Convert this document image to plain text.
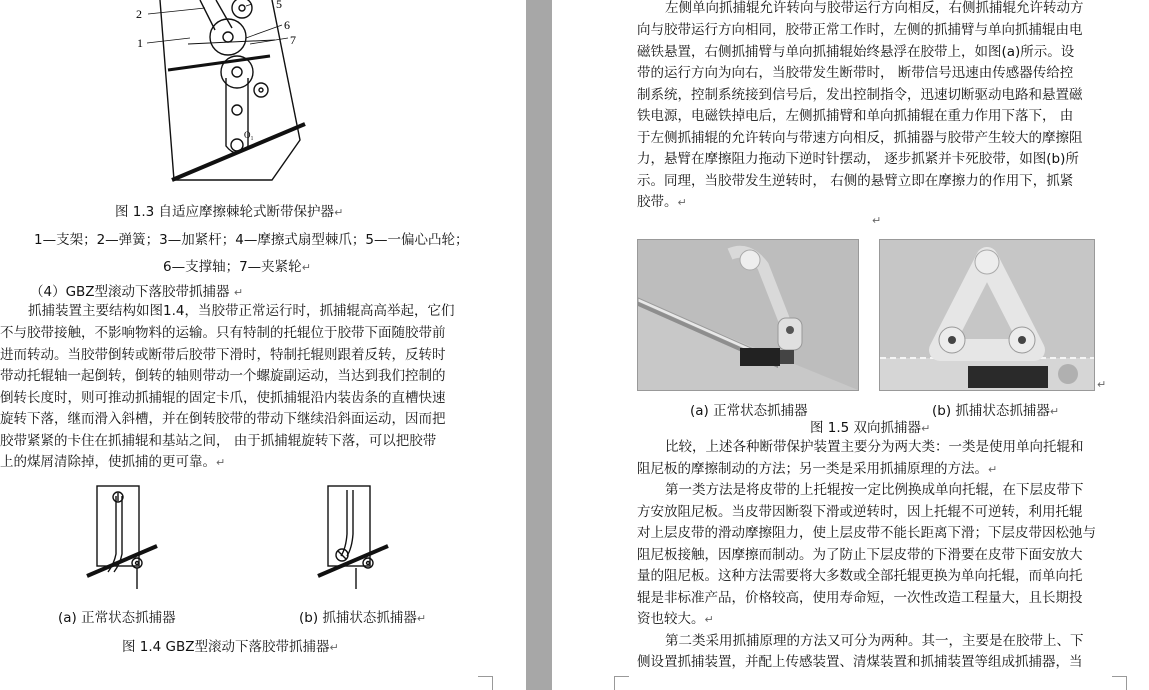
2
5
6
7
1
O₁
图 1.3 自适应摩擦棘轮式断带保护器↵
1—支架；2—弹簧；3—加紧杆；4—摩擦式扇型棘爪；5—一偏心凸轮；
6—支撑轴；7—夹紧轮↵
（4）GBZ型滚动下落胶带抓捕器 ↵
抓捕装置主要结构如图1.4，当胶带正常运行时，抓捕辊高高举起，它们
不与胶带接触，不影响物料的运输。只有特制的托辊位于胶带下面随胶带前
进而转动。当胶带倒转或断带后胶带下滑时，特制托辊则跟着反转，反转时
带动托辊轴一起倒转，倒转的轴则带动一个螺旋副运动，当达到我们控制的
倒转长度时，则可推动抓捕辊的固定卡爪，使抓捕辊沿内装齿条的直槽快速
旋转下落，继而滑入斜槽，并在倒转胶带的带动下继续沿斜面运动，因而把
胶带紧紧的卡住在抓捕辊和基站之间， 由于抓捕辊旋转下落，可以把胶带
上的煤屑清除掉，使抓捕的更可靠。↵
(a) 正常状态抓捕器	(b) 抓捕状态抓捕器↵
图 1.4 GBZ型滚动下落胶带抓捕器↵
左侧单向抓捕辊允许转向与胶带运行方向相反，右侧抓捕辊允许转动方
向与胶带运行方向相同，胶带正常工作时，左侧的抓捕臂与单向抓捕辊由电
磁铁悬置，右侧抓捕臂与单向抓捕辊始终悬浮在胶带上，如图(a)所示。设
带的运行方向为向右，当胶带发生断带时， 断带信号迅速由传感器传给控
制系统，控制系统接到信号后，发出控制指令，迅速切断驱动电路和悬置磁
铁电源，电磁铁掉电后，左侧抓捕臂和单向抓捕辊在重力作用下落下， 由
于左侧抓捕辊的允许转向与带速方向相反，抓捕器与胶带产生较大的摩擦阻
力，悬臂在摩擦阻力拖动下逆时针摆动， 逐步抓紧并卡死胶带，如图(b)所
示。同理，当胶带发生逆转时， 右侧的悬臂立即在摩擦力的作用下，抓紧
胶带。↵
↵
↵
(a) 正常状态抓捕器	(b) 抓捕状态抓捕器↵
图 1.5 双向抓捕器↵
比较，上述各种断带保护装置主要分为两大类：一类是使用单向托辊和
阻尼板的摩擦制动的方法；另一类是采用抓捕原理的方法。↵
第一类方法是将皮带的上托辊按一定比例换成单向托辊，在下层皮带下
方安放阻尼板。当皮带因断裂下滑或逆转时，因上托辊不可逆转，利用托辊
对上层皮带的滑动摩擦阻力，使上层皮带不能长距离下滑；下层皮带因松弛与
阻尼板接触，因摩擦而制动。为了防止下层皮带的下滑要在皮带下面安放大
量的阻尼板。这种方法需要将大多数或全部托辊更换为单向托辊，而单向托
辊是非标准产品，价格较高，使用寿命短，一次性改造工程量大，且长期投
资也较大。↵
第二类采用抓捕原理的方法又可分为两种。其一，主要是在胶带上、下
侧设置抓捕装置，并配上传感装置、清煤装置和抓捕装置等组成抓捕器，当
